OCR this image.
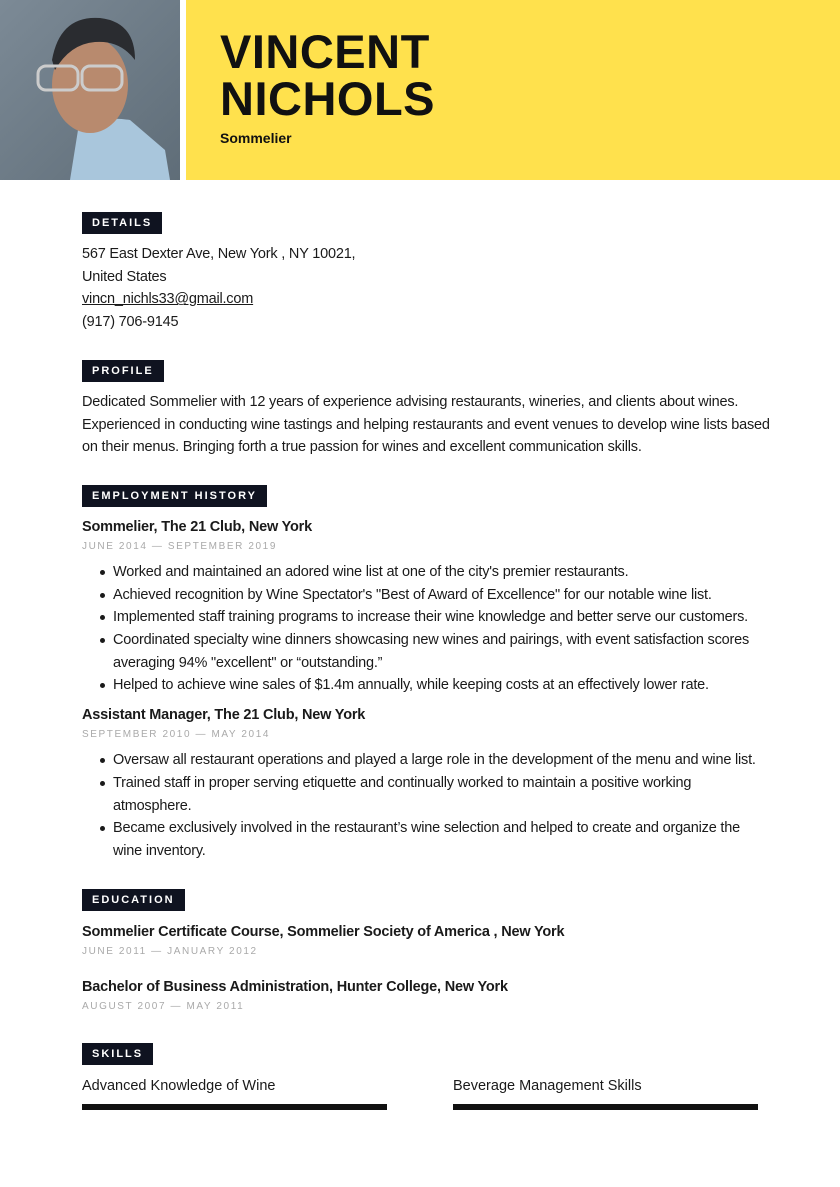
VINCENT
NICHOLS
Sommelier
DETAILS
567 East Dexter Ave, New York , NY 10021,
United States
vincn_nichls33@gmail.com
(917) 706-9145
PROFILE
Dedicated Sommelier with 12 years of experience advising restaurants, wineries, and clients about wines. Experienced in conducting wine tastings and helping restaurants and event venues to develop wine lists based on their menus. Bringing forth a true passion for wines and excellent communication skills.
EMPLOYMENT HISTORY
Sommelier, The 21 Club, New York
JUNE 2014 — SEPTEMBER 2019
Worked and maintained an adored wine list at one of the city's premier restaurants.
Achieved recognition by Wine Spectator's "Best of Award of Excellence" for our notable wine list.
Implemented staff training programs to increase their wine knowledge and better serve our customers.
Coordinated specialty wine dinners showcasing new wines and pairings, with event satisfaction scores averaging 94% "excellent" or “outstanding.”
Helped to achieve wine sales of $1.4m annually, while keeping costs at an effectively lower rate.
Assistant Manager, The 21 Club, New York
SEPTEMBER 2010 — MAY 2014
Oversaw all restaurant operations and played a large role in the development of the menu and wine list.
Trained staff in proper serving etiquette and continually worked to maintain a positive working atmosphere.
Became exclusively involved in the restaurant’s wine selection and helped to create and organize the wine inventory.
EDUCATION
Sommelier Certificate Course, Sommelier Society of America , New York
JUNE 2011 — JANUARY 2012
Bachelor of Business Administration, Hunter College, New York
AUGUST 2007 — MAY 2011
SKILLS
Advanced Knowledge of Wine	Beverage Management Skills
